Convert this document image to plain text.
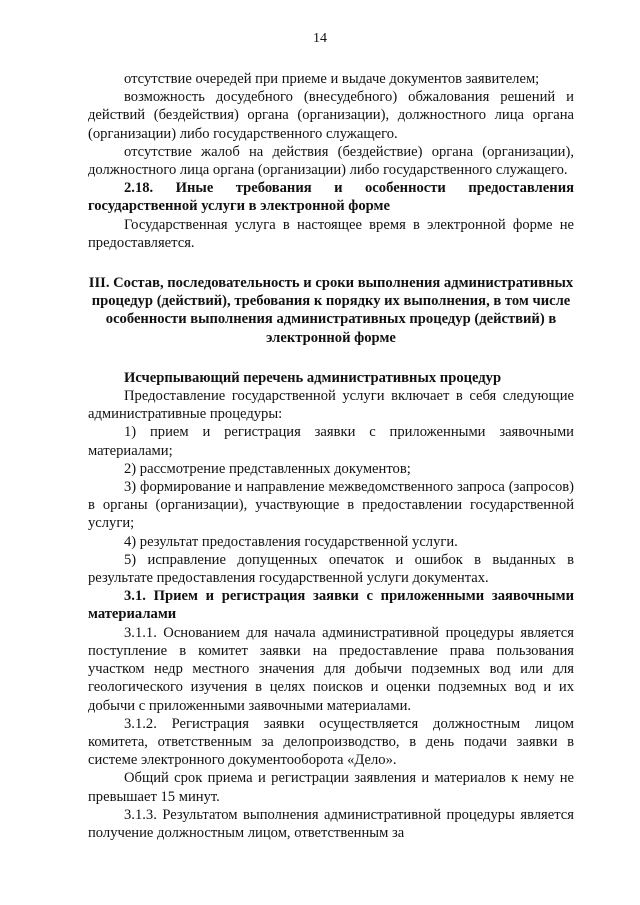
14

отсутствие очередей при приеме и выдаче документов заявителем;

возможность досудебного (внесудебного) обжалования решений и действий (бездействия) органа (организации), должностного лица органа (организации) либо государственного служащего.

отсутствие жалоб на действия (бездействие) органа (организации), должностного лица органа (организации) либо государственного служащего.

2.18. Иные требования и особенности предоставления государственной услуги в электронной форме

Государственная услуга в настоящее время в электронной форме не предоставляется.

III. Состав, последовательность и сроки выполнения административных процедур (действий), требования к порядку их выполнения, в том числе особенности выполнения административных процедур (действий) в электронной форме

Исчерпывающий перечень административных процедур

Предоставление государственной услуги включает в себя следующие административные процедуры:

1) прием и регистрация заявки с приложенными заявочными материалами;

2) рассмотрение представленных документов;

3) формирование и направление межведомственного запроса (запросов) в органы (организации), участвующие в предоставлении государственной услуги;

4) результат предоставления государственной услуги.

5) исправление допущенных опечаток и ошибок в выданных в результате предоставления государственной услуги документах.

3.1. Прием и регистрация заявки с приложенными заявочными материалами

3.1.1. Основанием для начала административной процедуры является поступление в комитет заявки на предоставление права пользования участком недр местного значения для добычи подземных вод или для геологического изучения в целях поисков и оценки подземных вод и их добычи с приложенными заявочными материалами.

3.1.2. Регистрация заявки осуществляется должностным лицом комитета, ответственным за делопроизводство, в день подачи заявки в системе электронного документооборота «Дело».

Общий срок приема и регистрации заявления и материалов к нему не превышает 15 минут.

3.1.3. Результатом выполнения административной процедуры является получение должностным лицом, ответственным за
